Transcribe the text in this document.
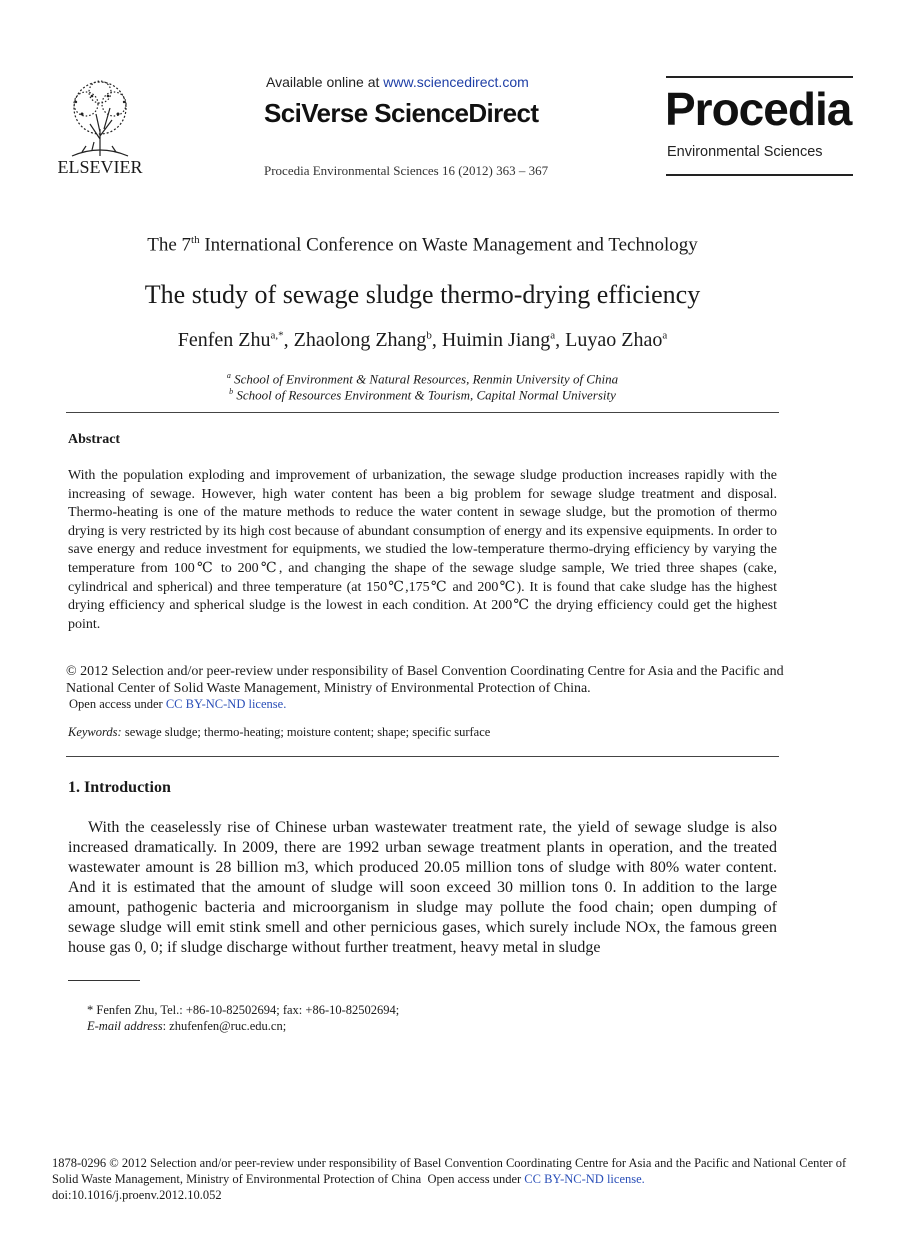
ELSEVIER
Available online at www.sciencedirect.com
SciVerse ScienceDirect
Procedia Environmental Sciences 16 (2012) 363 – 367
Procedia
Environmental Sciences
The 7th International Conference on Waste Management and Technology
The study of sewage sludge thermo-drying efficiency
Fenfen Zhu$^{a,*}$, Zhaolong Zhang$^b$, Huimin Jiang$^a$, Luyao Zhao$^a$
$^a$ School of Environment & Natural Resources, Renmin University of China
$^b$ School of Resources Environment & Tourism, Capital Normal University
Abstract
With the population exploding and improvement of urbanization, the sewage sludge production increases rapidly with the increasing of sewage. However, high water content has been a big problem for sewage sludge treatment and disposal. Thermo-heating is one of the mature methods to reduce the water content in sewage sludge, but the promotion of thermo drying is very restricted by its high cost because of abundant consumption of energy and its expensive equipments. In order to save energy and reduce investment for equipments, we studied the low-temperature thermo-drying efficiency by varying the temperature from 100℃ to 200℃, and changing the shape of the sewage sludge sample, We tried three shapes (cake, cylindrical and spherical) and three temperature (at 150℃,175℃ and 200℃). It is found that cake sludge has the highest drying efficiency and spherical sludge is the lowest in each condition. At 200℃ the drying efficiency could get the highest point.
© 2012 Selection and/or peer-review under responsibility of Basel Convention Coordinating Centre for Asia and the Pacific and National Center of Solid Waste Management, Ministry of Environmental Protection of China.
Open access under CC BY-NC-ND license.
Keywords: sewage sludge; thermo-heating; moisture content; shape; specific surface
1. Introduction

With the ceaselessly rise of Chinese urban wastewater treatment rate, the yield of sewage sludge is also increased dramatically. In 2009, there are 1992 urban sewage treatment plants in operation, and the treated wastewater amount is 28 billion m3, which produced 20.05 million tons of sludge with 80% water content. And it is estimated that the amount of sludge will soon exceed 30 million tons 0. In addition to the large amount, pathogenic bacteria and microorganism in sludge may pollute the food chain; open dumping of sewage sludge will emit stink smell and other pernicious gases, which surely include NOx, the famous green house gas 0, 0; if sludge discharge without further treatment, heavy metal in sludge

* Fenfen Zhu, Tel.: +86-10-82502694; fax: +86-10-82502694;
E-mail address: zhufenfen@ruc.edu.cn;
1878-0296 © 2012 Selection and/or peer-review under responsibility of Basel Convention Coordinating Centre for Asia and the Pacific and National Center of Solid Waste Management, Ministry of Environmental Protection of China Open access under CC BY-NC-ND license.
doi:10.1016/j.proenv.2012.10.052
